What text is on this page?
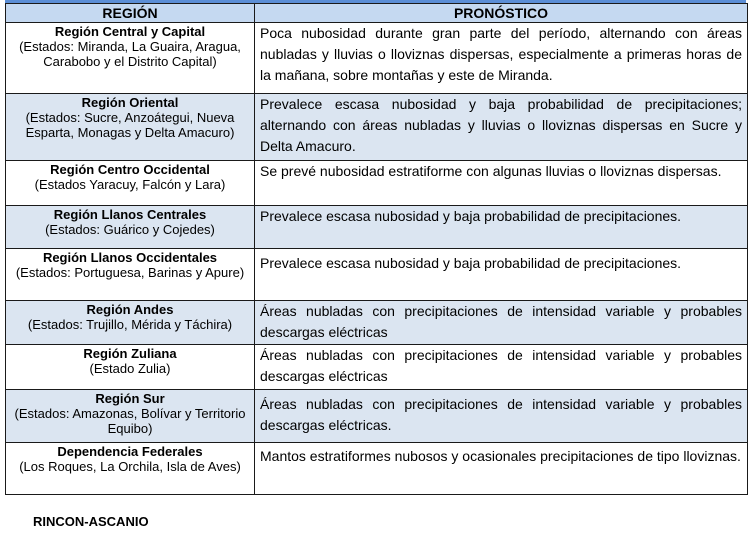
REGIÓN	PRONÓSTICO

Región Central y Capital
(Estados: Miranda, La Guaira, Aragua, Carabobo y el Distrito Capital)	Poca nubosidad durante gran parte del período, alternando con áreas nubladas y lluvias o lloviznas dispersas, especialmente a primeras horas de la mañana, sobre montañas y este de Miranda.

Región Oriental
(Estados: Sucre, Anzoátegui, Nueva Esparta, Monagas y Delta Amacuro)	Prevalece escasa nubosidad y baja probabilidad de precipitaciones; alternando con áreas nubladas y lluvias o lloviznas dispersas en Sucre y Delta Amacuro.

Región Centro Occidental
(Estados Yaracuy, Falcón y Lara)	Se prevé nubosidad estratiforme con algunas lluvias o lloviznas dispersas.

Región Llanos Centrales
(Estados: Guárico y Cojedes)	Prevalece escasa nubosidad y baja probabilidad de precipitaciones.

Región Llanos Occidentales
(Estados: Portuguesa, Barinas y Apure)	Prevalece escasa nubosidad y baja probabilidad de precipitaciones.

Región Andes
(Estados: Trujillo, Mérida y Táchira)	Áreas nubladas con precipitaciones de intensidad variable y probables descargas eléctricas

Región Zuliana
(Estado Zulia)	Áreas nubladas con precipitaciones de intensidad variable y probables descargas eléctricas

Región Sur
(Estados: Amazonas, Bolívar y Territorio Equibo)	Áreas nubladas con precipitaciones de intensidad variable y probables descargas eléctricas.

Dependencia Federales
(Los Roques, La Orchila, Isla de Aves)	Mantos estratiformes nubosos y ocasionales precipitaciones de tipo lloviznas.
RINCON-ASCANIO
